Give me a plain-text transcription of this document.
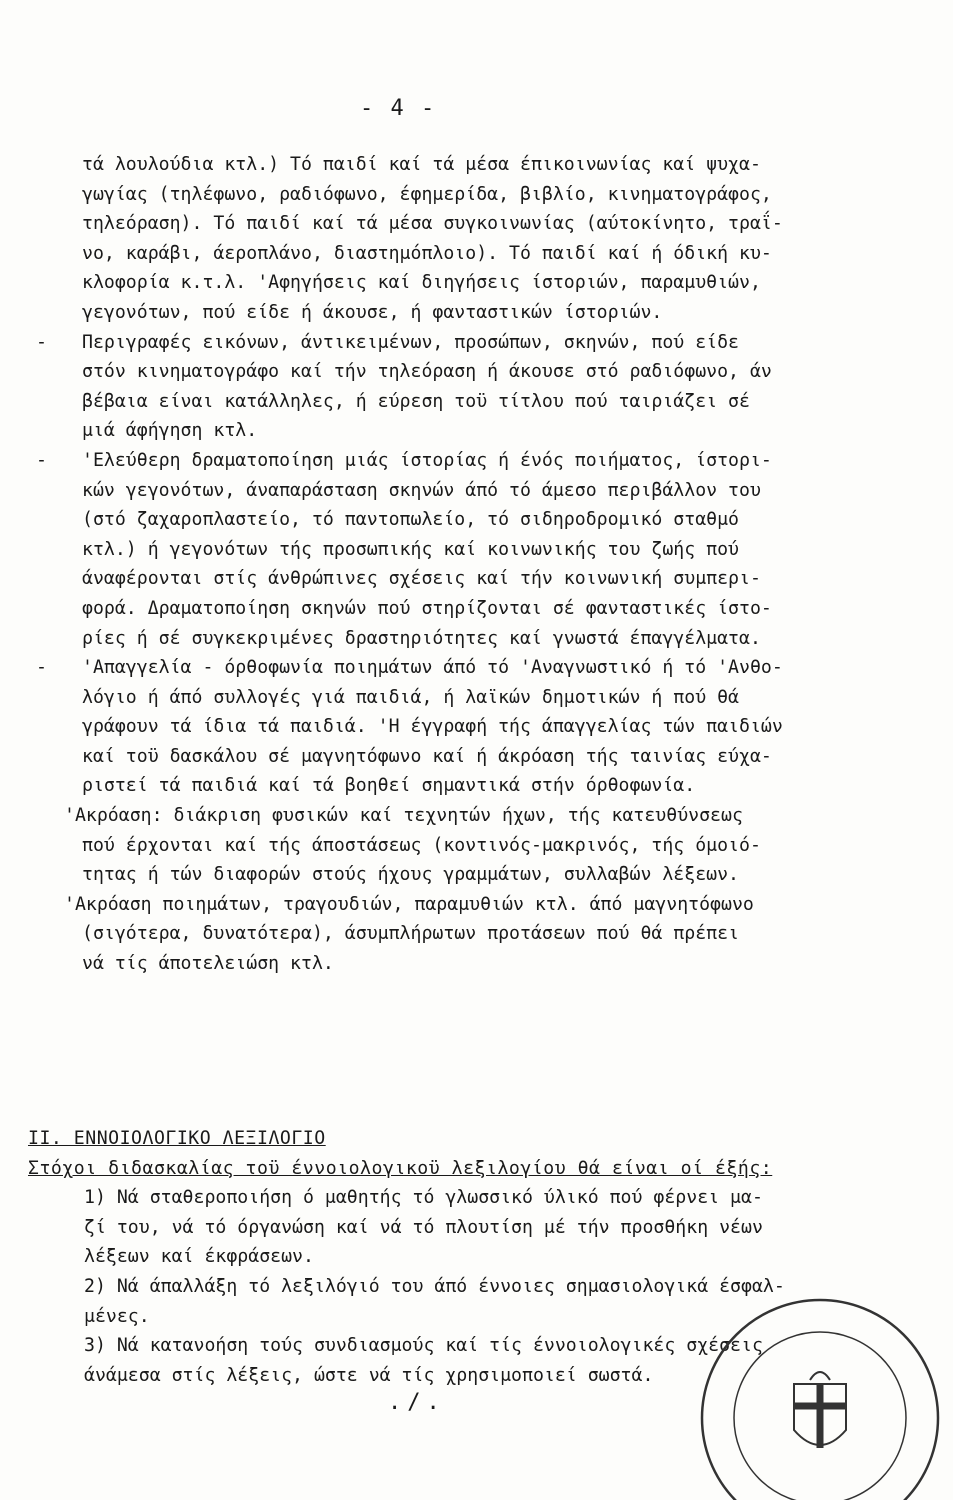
- 4 -
τά λουλούδια κτλ.) Τό παιδί καί τά μέσα έπικοινωνίας καί ψυχα-
γωγίας (τηλέφωνο, ραδιόφωνο, έφημερίδα, βιβλίο, κινηματογράφος,
τηλεόραση). Τό παιδί καί τά μέσα συγκοινωνίας (αύτοκίνητο, τραΐ-
νο, καράβι, άεροπλάνο, διαστημόπλοιο). Τό παιδί καί ή όδική κυ-
κλοφορία κ.τ.λ. 'Αφηγήσεις καί διηγήσεις ίστοριών, παραμυθιών,
γεγονότων, πού είδε ή άκουσε, ή φανταστικών ίστοριών.
- Περιγραφές εικόνων, άντικειμένων, προσώπων, σκηνών, πού είδε
στόν κινηματογράφο καί τήν τηλεόραση ή άκουσε στό ραδιόφωνο, άν
βέβαια είναι κατάλληλες, ή εύρεση τοϋ τίτλου πού ταιριάζει σέ
μιά άφήγηση κτλ.
- 'Ελεύθερη δραματοποίηση μιάς ίστορίας ή ένός ποιήματος, ίστορι-
κών γεγονότων, άναπαράσταση σκηνών άπό τό άμεσο περιβάλλον του
(στό ζαχαροπλαστείο, τό παντοπωλείο, τό σιδηροδρομικό σταθμό
κτλ.) ή γεγονότων τής προσωπικής καί κοινωνικής του ζωής πού
άναφέρονται στίς άνθρώπινες σχέσεις καί τήν κοινωνική συμπερι-
φορά. Δραματοποίηση σκηνών πού στηρίζονται σέ φανταστικές ίστο-
ρίες ή σέ συγκεκριμένες δραστηριότητες καί γνωστά έπαγγέλματα.
- 'Απαγγελία - όρθοφωνία ποιημάτων άπό τό 'Αναγνωστικό ή τό 'Ανθο-
λόγιο ή άπό συλλογές γιά παιδιά, ή λαϊκών δημοτικών ή πού θά
γράφουν τά ίδια τά παιδιά. 'Η έγγραφή τής άπαγγελίας τών παιδιών
καί τοϋ δασκάλου σέ μαγνητόφωνο καί ή άκρόαση τής ταινίας εύχα-
ριστεί τά παιδιά καί τά βοηθεί σημαντικά στήν όρθοφωνία.
'Ακρόαση: διάκριση φυσικών καί τεχνητών ήχων, τής κατευθύνσεως
πού έρχονται καί τής άποστάσεως (κοντινός-μακρινός, τής όμοιό-
τητας ή τών διαφορών στούς ήχους γραμμάτων, συλλαβών λέξεων.
'Ακρόαση ποιημάτων, τραγουδιών, παραμυθιών κτλ. άπό μαγνητόφωνο
(σιγότερα, δυνατότερα), άσυμπλήρωτων προτάσεων πού θά πρέπει
νά τίς άποτελειώση κτλ.
ΙΙ. ΕΝΝΟΙΟΛΟΓΙΚΟ ΛΕΞΙΛΟΓΙΟ
Στόχοι διδασκαλίας τοϋ έννοιολογικοϋ λεξιλογίου θά είναι οί έξής:
1) Νά σταθεροποιήση ό μαθητής τό γλωσσικό ύλικό πού φέρνει μα-
ζί του, νά τό όργανώση καί νά τό πλουτίση μέ τήν προσθήκη νέων
λέξεων καί έκφράσεων.
2) Νά άπαλλάξη τό λεξιλόγιό του άπό έννοιες σημασιολογικά έσφαλ-
μένες.
3) Νά κατανοήση τούς συνδιασμούς καί τίς έννοιολογικές σχέσεις
άνάμεσα στίς λέξεις, ώστε νά τίς χρησιμοποιεί σωστά.
./.
